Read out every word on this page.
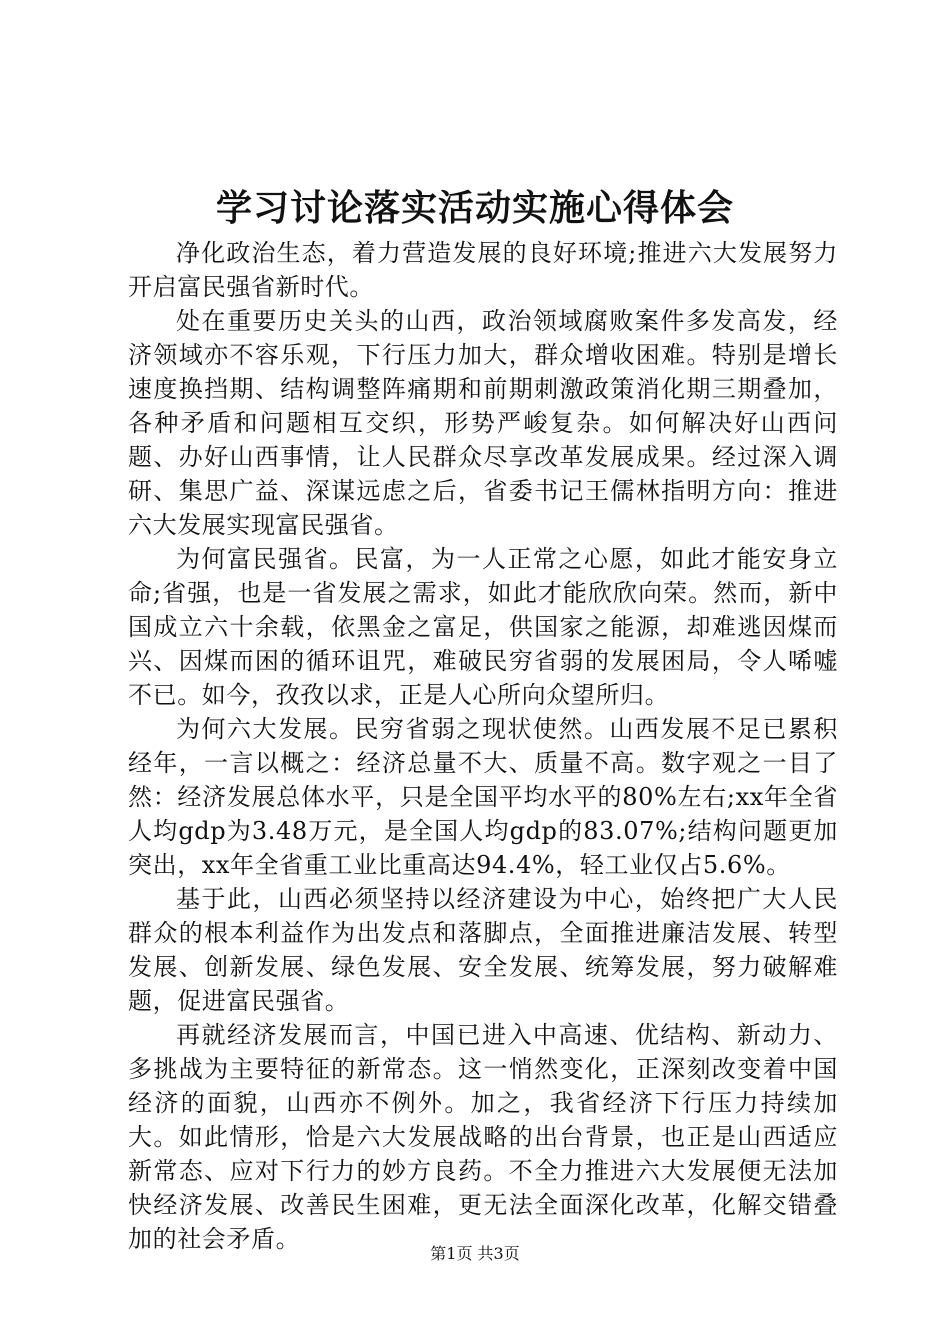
学习讨论落实活动实施心得体会

净化政治生态，着力营造发展的良好环境;推进六大发展努力开启富民强省新时代。

处在重要历史关头的山西，政治领域腐败案件多发高发，经济领域亦不容乐观，下行压力加大，群众增收困难。特别是增长速度换挡期、结构调整阵痛期和前期刺激政策消化期三期叠加，各种矛盾和问题相互交织，形势严峻复杂。如何解决好山西问题、办好山西事情，让人民群众尽享改革发展成果。经过深入调研、集思广益、深谋远虑之后，省委书记王儒林指明方向：推进六大发展实现富民强省。

为何富民强省。民富，为一人正常之心愿，如此才能安身立命;省强，也是一省发展之需求，如此才能欣欣向荣。然而，新中国成立六十余载，依黑金之富足，供国家之能源，却难逃因煤而兴、因煤而困的循环诅咒，难破民穷省弱的发展困局，令人唏嘘不已。如今，孜孜以求，正是人心所向众望所归。

为何六大发展。民穷省弱之现状使然。山西发展不足已累积经年，一言以概之：经济总量不大、质量不高。数字观之一目了然：经济发展总体水平，只是全国平均水平的80%左右;xx年全省人均gdp为3.48万元，是全国人均gdp的83.07%;结构问题更加突出，xx年全省重工业比重高达94.4%，轻工业仅占5.6%。

基于此，山西必须坚持以经济建设为中心，始终把广大人民群众的根本利益作为出发点和落脚点，全面推进廉洁发展、转型发展、创新发展、绿色发展、安全发展、统筹发展，努力破解难题，促进富民强省。

再就经济发展而言，中国已进入中高速、优结构、新动力、多挑战为主要特征的新常态。这一悄然变化，正深刻改变着中国经济的面貌，山西亦不例外。加之，我省经济下行压力持续加大。如此情形，恰是六大发展战略的出台背景，也正是山西适应新常态、应对下行力的妙方良药。不全力推进六大发展便无法加快经济发展、改善民生困难，更无法全面深化改革，化解交错叠加的社会矛盾。

第1页 共3页
